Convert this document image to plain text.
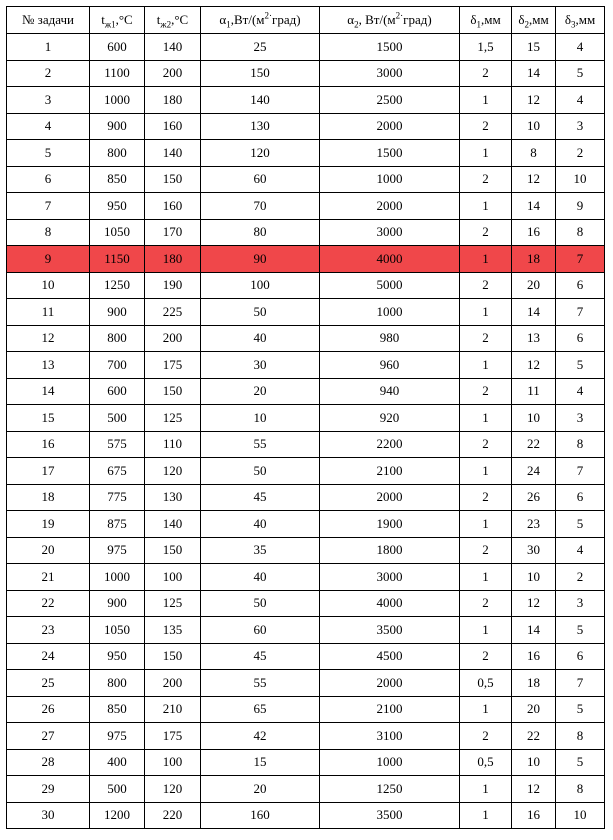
№ задачи	$t_{ж1},^\circ C$	$t_{ж2},^\circ C$	$\alpha_1,Вт/(м^{2\cdot}град)$	$\alpha_2$, $Вт/(м^{2\cdot}град)$	$\delta_1,мм$	$\delta_2,мм$	$\delta_3,мм$
1	600	140	25	1500	1,5	15	4
2	1100	200	150	3000	2	14	5
3	1000	180	140	2500	1	12	4
4	900	160	130	2000	2	10	3
5	800	140	120	1500	1	8	2
6	850	150	60	1000	2	12	10
7	950	160	70	2000	1	14	9
8	1050	170	80	3000	2	16	8
9	1150	180	90	4000	1	18	7
10	1250	190	100	5000	2	20	6
11	900	225	50	1000	1	14	7
12	800	200	40	980	2	13	6
13	700	175	30	960	1	12	5
14	600	150	20	940	2	11	4
15	500	125	10	920	1	10	3
16	575	110	55	2200	2	22	8
17	675	120	50	2100	1	24	7
18	775	130	45	2000	2	26	6
19	875	140	40	1900	1	23	5
20	975	150	35	1800	2	30	4
21	1000	100	40	3000	1	10	2
22	900	125	50	4000	2	12	3
23	1050	135	60	3500	1	14	5
24	950	150	45	4500	2	16	6
25	800	200	55	2000	0,5	18	7
26	850	210	65	2100	1	20	5
27	975	175	42	3100	2	22	8
28	400	100	15	1000	0,5	10	5
29	500	120	20	1250	1	12	8
30	1200	220	160	3500	1	16	10
